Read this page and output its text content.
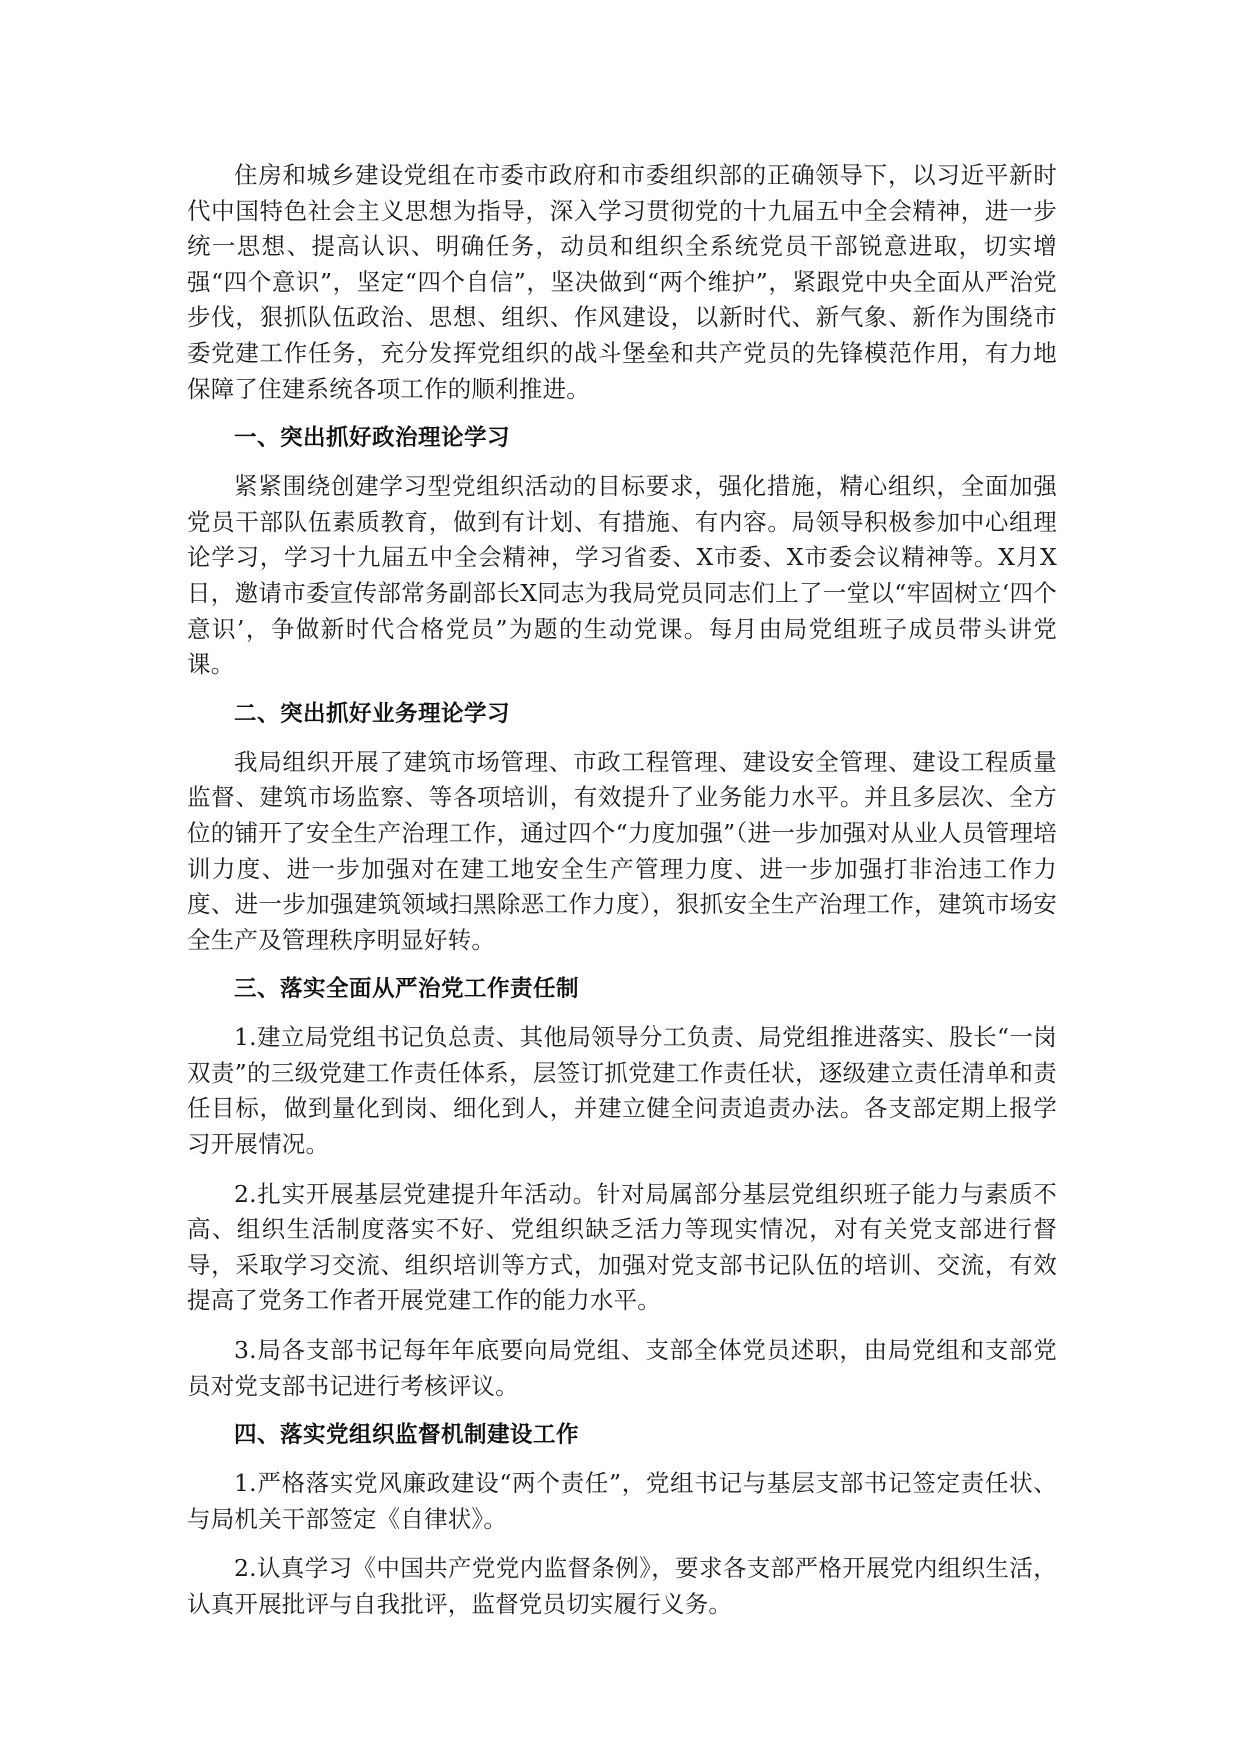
住房和城乡建设党组在市委市政府和市委组织部的正确领导下，以习近平新时代中国特色社会主义思想为指导，深入学习贯彻党的十九届五中全会精神，进一步统一思想、提高认识、明确任务，动员和组织全系统党员干部锐意进取，切实增强“四个意识”，坚定“四个自信”，坚决做到“两个维护”，紧跟党中央全面从严治党步伐，狠抓队伍政治、思想、组织、作风建设，以新时代、新气象、新作为围绕市委党建工作任务，充分发挥党组织的战斗堡垒和共产党员的先锋模范作用，有力地保障了住建系统各项工作的顺利推进。

一、突出抓好政治理论学习

紧紧围绕创建学习型党组织活动的目标要求，强化措施，精心组织，全面加强党员干部队伍素质教育，做到有计划、有措施、有内容。局领导积极参加中心组理论学习，学习十九届五中全会精神，学习省委、X市委、X市委会议精神等。X月X日，邀请市委宣传部常务副部长X同志为我局党员同志们上了一堂以“牢固树立‘四个意识’，争做新时代合格党员”为题的生动党课。每月由局党组班子成员带头讲党课。

二、突出抓好业务理论学习

我局组织开展了建筑市场管理、市政工程管理、建设安全管理、建设工程质量监督、建筑市场监察、等各项培训，有效提升了业务能力水平。并且多层次、全方位的铺开了安全生产治理工作，通过四个“力度加强”（进一步加强对从业人员管理培训力度、进一步加强对在建工地安全生产管理力度、进一步加强打非治违工作力度、进一步加强建筑领域扫黑除恶工作力度），狠抓安全生产治理工作，建筑市场安全生产及管理秩序明显好转。

三、落实全面从严治党工作责任制

1.建立局党组书记负总责、其他局领导分工负责、局党组推进落实、股长“一岗双责”的三级党建工作责任体系，层签订抓党建工作责任状，逐级建立责任清单和责任目标，做到量化到岗、细化到人，并建立健全问责追责办法。各支部定期上报学习开展情况。

2.扎实开展基层党建提升年活动。针对局属部分基层党组织班子能力与素质不高、组织生活制度落实不好、党组织缺乏活力等现实情况，对有关党支部进行督导，采取学习交流、组织培训等方式，加强对党支部书记队伍的培训、交流，有效提高了党务工作者开展党建工作的能力水平。

3.局各支部书记每年年底要向局党组、支部全体党员述职，由局党组和支部党员对党支部书记进行考核评议。

四、落实党组织监督机制建设工作

1.严格落实党风廉政建设“两个责任”，党组书记与基层支部书记签定责任状、与局机关干部签定《自律状》。

2.认真学习《中国共产党党内监督条例》，要求各支部严格开展党内组织生活，认真开展批评与自我批评，监督党员切实履行义务。
